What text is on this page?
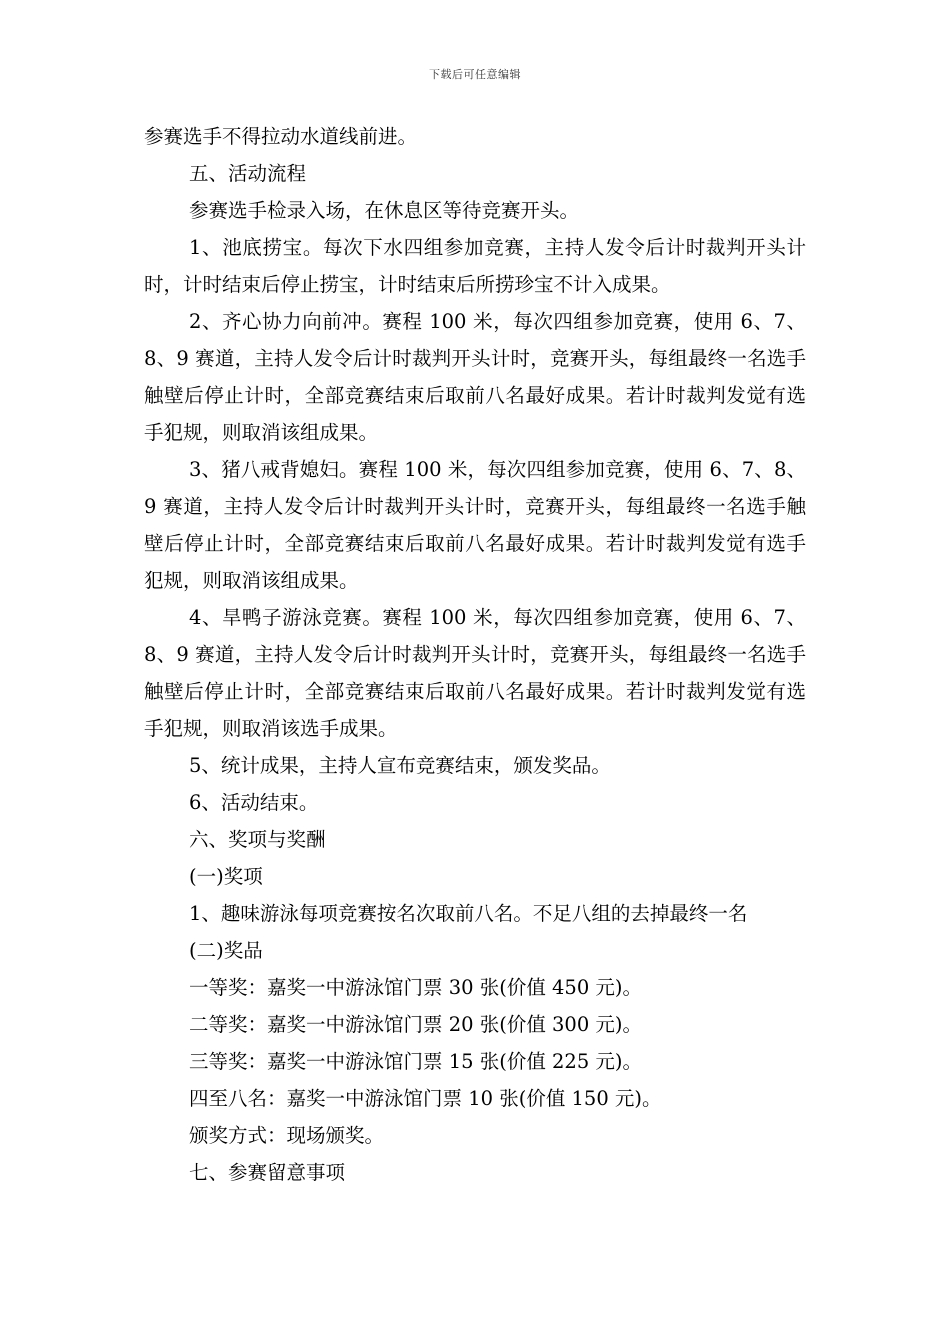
下载后可任意编辑

参赛选手不得拉动水道线前进。

五、活动流程

参赛选手检录入场，在休息区等待竞赛开头。

1、池底捞宝。每次下水四组参加竞赛，主持人发令后计时裁判开头计时，计时结束后停止捞宝，计时结束后所捞珍宝不计入成果。

2、齐心协力向前冲。赛程 100 米，每次四组参加竞赛，使用 6、7、8、9 赛道，主持人发令后计时裁判开头计时，竞赛开头，每组最终一名选手触壁后停止计时，全部竞赛结束后取前八名最好成果。若计时裁判发觉有选手犯规，则取消该组成果。

3、猪八戒背媳妇。赛程 100 米，每次四组参加竞赛，使用 6、7、8、9 赛道，主持人发令后计时裁判开头计时，竞赛开头，每组最终一名选手触壁后停止计时，全部竞赛结束后取前八名最好成果。若计时裁判发觉有选手犯规，则取消该组成果。

4、旱鸭子游泳竞赛。赛程 100 米，每次四组参加竞赛，使用 6、7、8、9 赛道，主持人发令后计时裁判开头计时，竞赛开头，每组最终一名选手触壁后停止计时，全部竞赛结束后取前八名最好成果。若计时裁判发觉有选手犯规，则取消该选手成果。

5、统计成果，主持人宣布竞赛结束，颁发奖品。

6、活动结束。

六、奖项与奖酬

(一)奖项

1、趣味游泳每项竞赛按名次取前八名。不足八组的去掉最终一名

(二)奖品

一等奖：嘉奖一中游泳馆门票 30 张(价值 450 元)。

二等奖：嘉奖一中游泳馆门票 20 张(价值 300 元)。

三等奖：嘉奖一中游泳馆门票 15 张(价值 225 元)。

四至八名：嘉奖一中游泳馆门票 10 张(价值 150 元)。

颁奖方式：现场颁奖。

七、参赛留意事项
